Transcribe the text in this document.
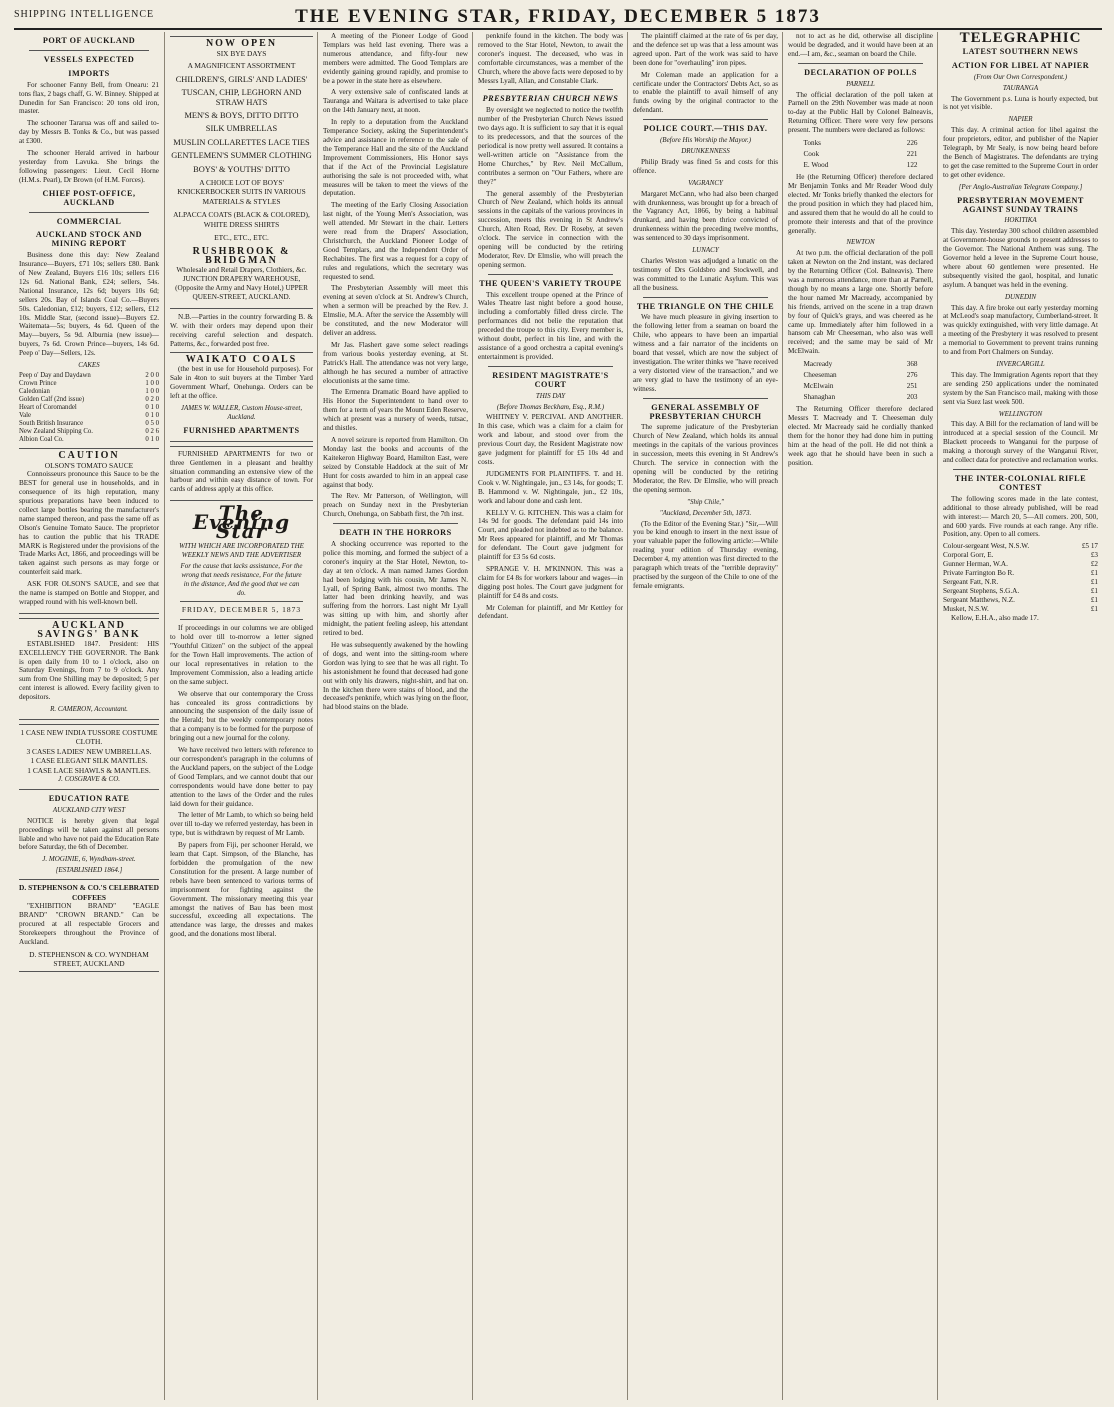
SHIPPING INTELLIGENCE	THE EVENING STAR, FRIDAY, DECEMBER 5 1873
PORT OF AUCKLAND
VESSELS EXPECTED
IMPORTS

For schooner Fanny Bell, from Onearu: 21 tons flax, 2 bags chaff, G. W. Binney. Shipped at Dunedin for San Francisco: 20 tons old iron, master.

The schooner Tararua was off and sailed to-day by Messrs B. Tonks & Co., but was passed at £300.

The schooner Herald arrived in harbour yesterday from Lavuka. She brings the following passengers: Lieut. Cecil Horne (H.M.s. Pearl), Dr Brown (of H.M. Forces).

CHIEF POST-OFFICE, AUCKLAND
COMMERCIAL
AUCKLAND STOCK AND MINING REPORT

Business done this day: New Zealand Insurance—Buyers, £71 10s; sellers £80. Bank of New Zealand, Buyers £16 10s; sellers £16 12s 6d. National Bank, £24; sellers, 54s. National Insurance, 12s 6d; buyers 10s 6d; sellers 20s. Bay of Islands Coal Co.—Buyers 50s. Caledonian, £12; buyers, £12; sellers, £12 10s. Middle Star, (second issue)—Buyers £2. Waitemata—5s; buyers, 4s 6d. Queen of the May—buyers, 5s 9d. Alburnia (new issue)—buyers, 7s 6d. Crown Prince—buyers, 14s 6d. Peep o' Day—Sellers, 12s.

CAKES
Peep o' Day and Daydawn	2 0 0
Crown Prince	1 0 0
Caledonian	1 0 0
Golden Calf (2nd issue)	0 2 0
Heart of Coromandel	0 1 0
Vale	0 1 0
South British Insurance	0 5 0
New Zealand Shipping Co.	0 2 6
Albion Coal Co.	0 1 0
CAUTION
OLSON'S TOMATO SAUCE

Connoisseurs pronounce this Sauce to be the BEST for general use in households, and in consequence of its high reputation, many spurious preparations have been induced to collect large bottles bearing the manufacturer's name stamped thereon, and pass the same off as Olson's Genuine Tomato Sauce. The proprietor has to caution the public that his TRADE MARK is Registered under the provisions of the Trade Marks Act, 1866, and proceedings will be taken against such persons as may forge or counterfeit said mark.

ASK FOR OLSON'S SAUCE, and see that the name is stamped on Bottle and Stopper, and wrapped round with his well-known bell.

AUCKLAND SAVINGS' BANK

ESTABLISHED 1847. President: HIS EXCELLENCY THE GOVERNOR. The Bank is open daily from 10 to 1 o'clock, also on Saturday Evenings, from 7 to 9 o'clock. Any sum from One Shilling may be deposited; 5 per cent interest is allowed. Every facility given to depositors.

R. CAMERON, Accountant.
1 CASE NEW INDIA TUSSORE COSTUME CLOTH.
3 CASES LADIES' NEW UMBRELLAS.
1 CASE ELEGANT SILK MANTLES.
1 CASE LACE SHAWLS & MANTLES.
J. COSGRAVE & CO.
EDUCATION RATE
AUCKLAND CITY WEST

NOTICE is hereby given that legal proceedings will be taken against all persons liable and who have not paid the Education Rate before Saturday, the 6th of December.

J. MOGINIE, 6, Wyndham-street.
[ESTABLISHED 1864.]
D. STEPHENSON & CO.'S CELEBRATED COFFEES

"EXHIBITION BRAND" "EAGLE BRAND" "CROWN BRAND." Can be procured at all respectable Grocers and Storekeepers throughout the Province of Auckland.

D. STEPHENSON & CO. WYNDHAM STREET, AUCKLAND
NOW OPEN
SIX BYE DAYS
A MAGNIFICENT ASSORTMENT
CHILDREN'S, GIRLS' AND LADIES'
TUSCAN, CHIP, LEGHORN AND STRAW HATS
MEN'S & BOYS, DITTO DITTO
SILK UMBRELLAS
MUSLIN COLLARETTES LACE TIES
GENTLEMEN'S SUMMER CLOTHING
BOYS' & YOUTHS' DITTO
A CHOICE LOT OF BOYS' KNICKERBOCKER SUITS IN VARIOUS MATERIALS & STYLES
ALPACCA COATS (BLACK & COLORED), WHITE DRESS SHIRTS
ETC., ETC., ETC.
RUSHBROOK & BRIDGMAN

Wholesale and Retail Drapers, Clothiers, &c. JUNCTION DRAPERY WAREHOUSE, (Opposite the Army and Navy Hotel,) UPPER QUEEN-STREET, AUCKLAND.

N.B.—Parties in the country forwarding B. & W. with their orders may depend upon their receiving careful selection and despatch. Patterns, &c., forwarded post free.

WAIKATO COALS

(the best in use for Household purposes). For Sale in 4ton to suit buyers at the Timber Yard Government Wharf, Onehunga. Orders can be left at the office.

JAMES W. WALLER, Custom House-street, Auckland.
FURNISHED APARTMENTS

FURNISHED APARTMENTS for two or three Gentlemen in a pleasant and healthy situation commanding an extensive view of the harbour and within easy distance of town. For cards of address apply at this office.

The Evening Star
WITH WHICH ARE INCORPORATED THE WEEKLY NEWS AND THE ADVERTISER
For the cause that lacks assistance, For the wrong that needs resistance, For the future in the distance, And the good that we can do.
FRIDAY, DECEMBER 5, 1873

If proceedings in our columns we are obliged to hold over till to-morrow a letter signed "Youthful Citizen" on the subject of the appeal for the Town Hall improvements. The action of our local representatives in relation to the Improvement Commission, also a leading article on the same subject.

We observe that our contemporary the Cross has concealed its gross contradictions by announcing the suspension of the daily issue of the Herald; but the weekly contemporary notes that a company is to be formed for the purpose of bringing out a new journal for the colony.

We have received two letters with reference to our correspondent's paragraph in the columns of the Auckland papers, on the subject of the Lodge of Good Templars, and we cannot doubt that our correspondents would have done better to pay attention to the laws of the Order and the rules laid down for their guidance.

The letter of Mr Lamb, to which so being held over till to-day we referred yesterday, has been in type, but is withdrawn by request of Mr Lamb.

By papers from Fiji, per schooner Herald, we learn that Capt. Simpson, of the Blanche, has forbidden the promulgation of the new Constitution for the present. A large number of rebels have been sentenced to various terms of imprisonment for fighting against the Government. The missionary meeting this year amongst the natives of Bau has been most successful, exceeding all expectations. The attendance was large, the dresses and makes good, and the donations most liberal.

A meeting of the Pioneer Lodge of Good Templars was held last evening. There was a numerous attendance, and fifty-four new members were admitted. The Good Templars are evidently gaining ground rapidly, and promise to be a power in the state here as elsewhere.

A very extensive sale of confiscated lands at Tauranga and Waitara is advertised to take place on the 14th January next, at noon.

In reply to a deputation from the Auckland Temperance Society, asking the Superintendent's advice and assistance in reference to the sale of the Temperance Hall and the site of the Auckland Improvement Commissioners, His Honor says that if the Act of the Provincial Legislature authorising the sale is not proceeded with, what measures will be taken to meet the views of the deputation.

The meeting of the Early Closing Association last night, of the Young Men's Association, was well attended. Mr Stewart in the chair. Letters were read from the Drapers' Association, Christchurch, the Auckland Pioneer Lodge of Good Templars, and the Independent Order of Rechabites. The first was a request for a copy of rules and regulations, which the secretary was requested to send.

The Presbyterian Assembly will meet this evening at seven o'clock at St. Andrew's Church, when a sermon will be preached by the Rev. J. Elmslie, M.A. After the service the Assembly will be constituted, and the new Moderator will deliver an address.

Mr Jas. Flashert gave some select readings from various books yesterday evening, at St. Patrick's Hall. The attendance was not very large, although he has secured a number of attractive elocutionists at the same time.

The Ermenra Dramatic Board have applied to His Honor the Superintendent to hand over to them for a term of years the Mount Eden Reserve, which at present was a nursery of weeds, tutsac, and thistles.

A novel seizure is reported from Hamilton. On Monday last the books and accounts of the Kaitekeron Highway Board, Hamilton East, were seized by Constable Haddock at the suit of Mr Hunt for costs awarded to him in an appeal case against that body.

The Rev. Mr Patterson, of Wellington, will preach on Sunday next in the Presbyterian Church, Onehunga, on Sabbath first, the 7th inst.

DEATH IN THE HORRORS

A shocking occurrence was reported to the police this morning, and formed the subject of a coroner's inquiry at the Star Hotel, Newton, to-day at ten o'clock. A man named James Gordon had been lodging with his cousin, Mr James N. Lyall, of Spring Bank, almost two months. The latter had been drinking heavily, and was suffering from the horrors. Last night Mr Lyall was sitting up with him, and shortly after midnight, the patient feeling asleep, his attendant retired to bed.

He was subsequently awakened by the howling of dogs, and went into the sitting-room where Gordon was lying to see that he was all right. To his astonishment he found that deceased had gone out with only his drawers, night-shirt, and hat on. In the kitchen there were stains of blood, and the deceased's penknife, which was lying on the floor, had blood stains on the blade.

penknife found in the kitchen. The body was removed to the Star Hotel, Newton, to await the coroner's inquest. The deceased, who was in comfortable circumstances, was a member of the Church, where the above facts were deposed to by Messrs Lyall, Allan, and Constable Clark.

PRESBYTERIAN CHURCH NEWS

By oversight we neglected to notice the twelfth number of the Presbyterian Church News issued two days ago. It is sufficient to say that it is equal to its predecessors, and that the sources of the periodical is now pretty well assured. It contains a well-written article on "Assistance from the Home Churches," by Rev. Neil McCallum, contributes a sermon on "Our Fathers, where are they?"

The general assembly of the Presbyterian Church of New Zealand, which holds its annual sessions in the capitals of the various provinces in succession, meets this evening in St Andrew's Church, Alten Road, Rev. Dr Roseby, at seven o'clock. The service in connection with the opening will be conducted by the retiring Moderator, Rev. Dr Elmslie, who will preach the opening sermon.

THE QUEEN'S VARIETY TROUPE

This excellent troupe opened at the Prince of Wales Theatre last night before a good house, including a comfortably filled dress circle. The performances did not belie the reputation that preceded the troupe to this city. Every member is, without doubt, perfect in his line, and with the assistance of a good orchestra a capital evening's entertainment is provided.

RESIDENT MAGISTRATE'S COURT
THIS DAY
(Before Thomas Beckham, Esq., R.M.)

WHITNEY V. PERCIVAL AND ANOTHER. In this case, which was a claim for a claim for work and labour, and stood over from the previous Court day, the Resident Magistrate now gave judgment for plaintiff for £5 10s 4d and costs.

JUDGMENTS FOR PLAINTIFFS. T. and H. Cook v. W. Nightingale, jun., £3 14s, for goods; T. B. Hammond v. W. Nightingale, jun., £2 10s, work and labour done and cash lent.

KELLY V. G. KITCHEN. This was a claim for 14s 9d for goods. The defendant paid 14s into Court, and pleaded not indebted as to the balance. Mr Rees appeared for plaintiff, and Mr Thomas for defendant. The Court gave judgment for plaintiff for £3 5s 6d costs.

SPRANGE V. H. M'KINNON. This was a claim for £4 8s for workers labour and wages—in digging post holes. The Court gave judgment for plaintiff for £4 8s and costs.

Mr Coleman for plaintiff, and Mr Kettley for defendant.

The plaintiff claimed at the rate of 6s per day, and the defence set up was that a less amount was agreed upon. Part of the work was said to have been done for "overhauling" iron pipes.

Mr Coleman made an application for a certificate under the Contractors' Debts Act, so as to enable the plaintiff to avail himself of any funds owing by the original contractor to the defendant.

POLICE COURT.—THIS DAY.
(Before His Worship the Mayor.)
DRUNKENNESS

Philip Brady was fined 5s and costs for this offence.

VAGRANCY

Margaret McCann, who had also been charged with drunkenness, was brought up for a breach of the Vagrancy Act, 1866, by being a habitual drunkard, and having been thrice convicted of drunkenness within the preceding twelve months, was sentenced to 30 days imprisonment.

LUNACY

Charles Weston was adjudged a lunatic on the testimony of Drs Goldsbro and Stockwell, and was committed to the Lunatic Asylum. This was all the business.

THE TRIANGLE ON THE CHILE

We have much pleasure in giving insertion to the following letter from a seaman on board the Chile, who appears to have been an impartial witness and a fair narrator of the incidents on board that vessel, which are now the subject of investigation. The writer thinks we "have received a very distorted view of the transaction," and we are very glad to have the testimony of an eye-witness.

GENERAL ASSEMBLY OF PRESBYTERIAN CHURCH

The supreme judicature of the Presbyterian Church of New Zealand, which holds its annual meetings in the capitals of the various provinces in succession, meets this evening in St Andrew's Church. The service in connection with the opening will be conducted by the retiring Moderator, the Rev. Dr Elmslie, who will preach the opening sermon.

"Ship Chile,"
"Auckland, December 5th, 1873.

(To the Editor of the Evening Star.) "Sir,—Will you be kind enough to insert in the next issue of your valuable paper the following article:—While reading your edition of Thursday evening, December 4, my attention was first directed to the paragraph which treats of the "terrible depravity" practised by the surgeon of the Chile to one of the female emigrants.

not to act as he did, otherwise all discipline would be degraded, and it would have been at an end.—I am, &c., seaman on board the Chile.

DECLARATION OF POLLS
PARNELL

The official declaration of the poll taken at Parnell on the 29th November was made at noon to-day at the Public Hall by Colonel Balneavis, Returning Officer. There were very few persons present. The numbers were declared as follows:

Tonks	226
Cook	221
E. Wood	122

He (the Returning Officer) therefore declared Mr Benjamin Tonks and Mr Reader Wood duly elected. Mr Tonks briefly thanked the electors for the proud position in which they had placed him, and assured them that he would do all he could to promote their interests and that of the province generally.

NEWTON

At two p.m. the official declaration of the poll taken at Newton on the 2nd instant, was declared by the Returning Officer (Col. Balneavis). There was a numerous attendance, more than at Parnell, though by no means a large one. Shortly before the hour named Mr Macready, accompanied by his friends, arrived on the scene in a trap drawn by four of Quick's grays, and was cheered as he came up. Immediately after him followed in a hansom cab Mr Cheeseman, who also was well received; and the same may be said of Mr McElwain.

Macready	368
Cheeseman	276
McElwain	251
Shanaghan	203

The Returning Officer therefore declared Messrs T. Macready and T. Cheeseman duly elected. Mr Macready said he cordially thanked them for the honor they had done him in putting him at the head of the poll. He did not think a week ago that he should have been in such a position.

TELEGRAPHIC
LATEST SOUTHERN NEWS
ACTION FOR LIBEL AT NAPIER
(From Our Own Correspondent.)
TAURANGA

The Government p.s. Luna is hourly expected, but is not yet visible.

NAPIER

This day. A criminal action for libel against the four proprietors, editor, and publisher of the Napier Telegraph, by Mr Sealy, is now being heard before the Bench of Magistrates. The defendants are trying to get the case remitted to the Supreme Court in order to get other evidence.

[Per Anglo-Australian Telegram Company.]
PRESBYTERIAN MOVEMENT AGAINST SUNDAY TRAINS
HOKITIKA

This day. Yesterday 300 school children assembled at Government-house grounds to present addresses to the Governor. The National Anthem was sung. The Governor held a levee in the Supreme Court house, where about 60 gentlemen were presented. He subsequently visited the gaol, hospital, and lunatic asylum. A banquet was held in the evening.

DUNEDIN

This day. A fire broke out early yesterday morning at McLeod's soap manufactory, Cumberland-street. It was quickly extinguished, with very little damage. At a meeting of the Presbytery it was resolved to present a memorial to Government to prevent trains running to and from Port Chalmers on Sunday.

INVERCARGILL

This day. The Immigration Agents report that they are sending 250 applications under the nominated system by the San Francisco mail, making with those sent via Suez last week 500.

WELLINGTON

This day. A Bill for the reclamation of land will be introduced at a special session of the Council. Mr Blackett proceeds to Wanganui for the purpose of making a thorough survey of the Wanganui River, and collect data for protective and reclamation works.

THE INTER-COLONIAL RIFLE CONTEST

The following scores made in the late contest, additional to those already published, will be read with interest:— March 20, 5—All comers. 200, 500, and 600 yards. Five rounds at each range. Any rifle. Position, any. Open to all comers.

Colour-sergeant West, N.S.W.	£5 17
Corporal Gorr, E.	£3
Gunner Herman, W.A.	£2
Private Farrington Bo R.	£1
Sergeant Fatt, N.R.	£1
Sergeant Stephens, S.G.A.	£1
Sergeant Matthews, N.Z.	£1
Musket, N.S.W.	£1

Kellow, E.H.A., also made 17.
